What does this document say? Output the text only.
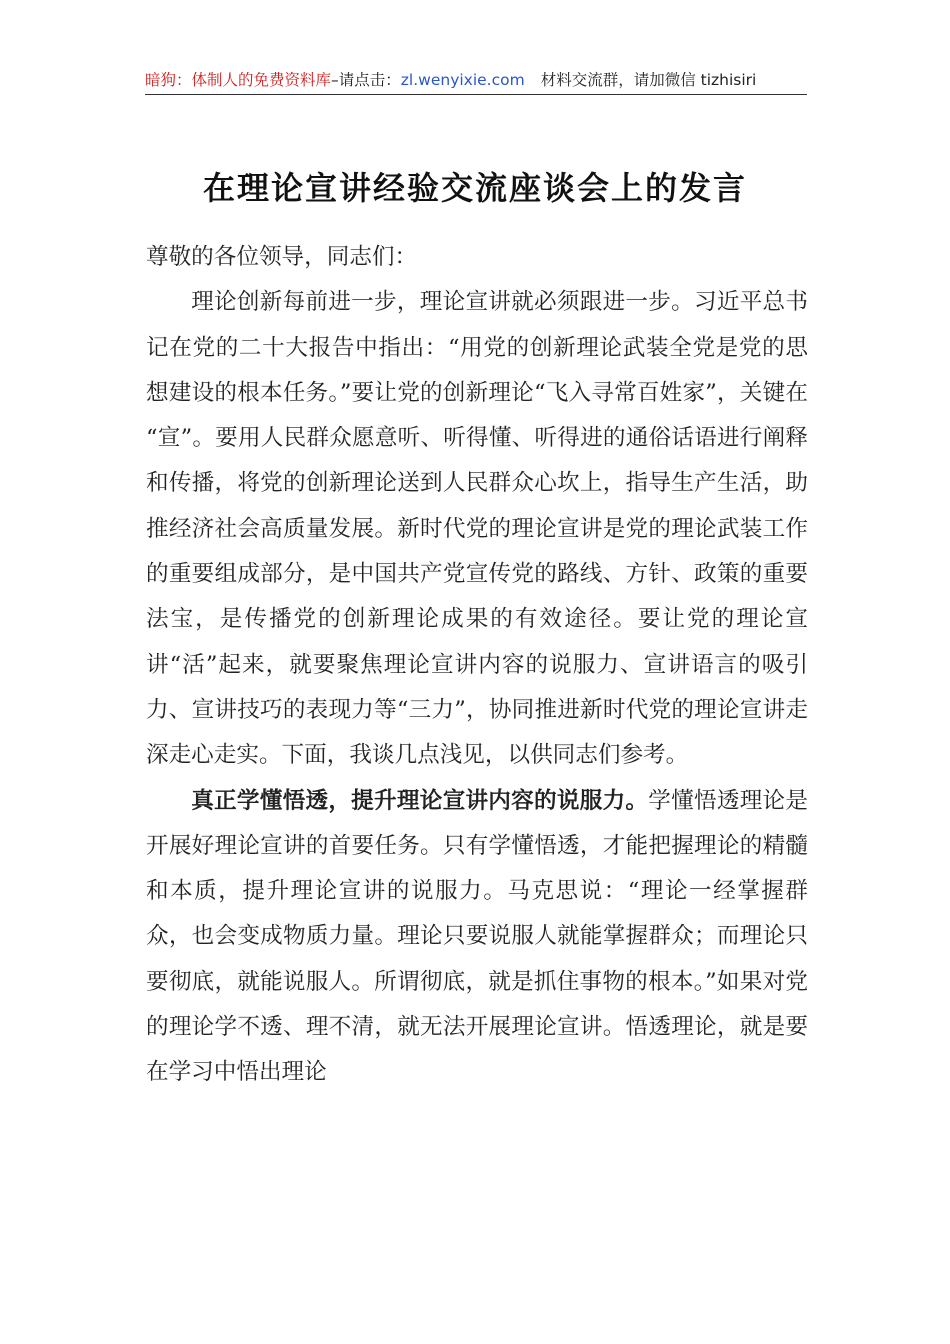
暗狗：体制人的免费资料库–请点击：zl.wenyixie.com 材料交流群，请加微信 tizhisiri
在理论宣讲经验交流座谈会上的发言

尊敬的各位领导，同志们：

理论创新每前进一步，理论宣讲就必须跟进一步。习近平总书记在党的二十大报告中指出：“用党的创新理论武装全党是党的思想建设的根本任务。”要让党的创新理论“飞入寻常百姓家”，关键在 “宣”。要用人民群众愿意听、听得懂、听得进的通俗话语进行阐释和传播，将党的创新理论送到人民群众心坎上，指导生产生活，助推经济社会高质量发展。新时代党的理论宣讲是党的理论武装工作的重要组成部分，是中国共产党宣传党的路线、方针、政策的重要法宝，是传播党的创新理论成果的有效途径。要让党的理论宣讲“活”起来，就要聚焦理论宣讲内容的说服力、宣讲语言的吸引力、宣讲技巧的表现力等“三力”，协同推进新时代党的理论宣讲走深走心走实。下面，我谈几点浅见，以供同志们参考。

真正学懂悟透，提升理论宣讲内容的说服力。学懂悟透理论是开展好理论宣讲的首要任务。只有学懂悟透，才能把握理论的精髓和本质，提升理论宣讲的说服力。马克思说：“理论一经掌握群众，也会变成物质力量。理论只要说服人就能掌握群众；而理论只要彻底，就能说服人。所谓彻底，就是抓住事物的根本。”如果对党的理论学不透、理不清，就无法开展理论宣讲。悟透理论，就是要在学习中悟出理论
